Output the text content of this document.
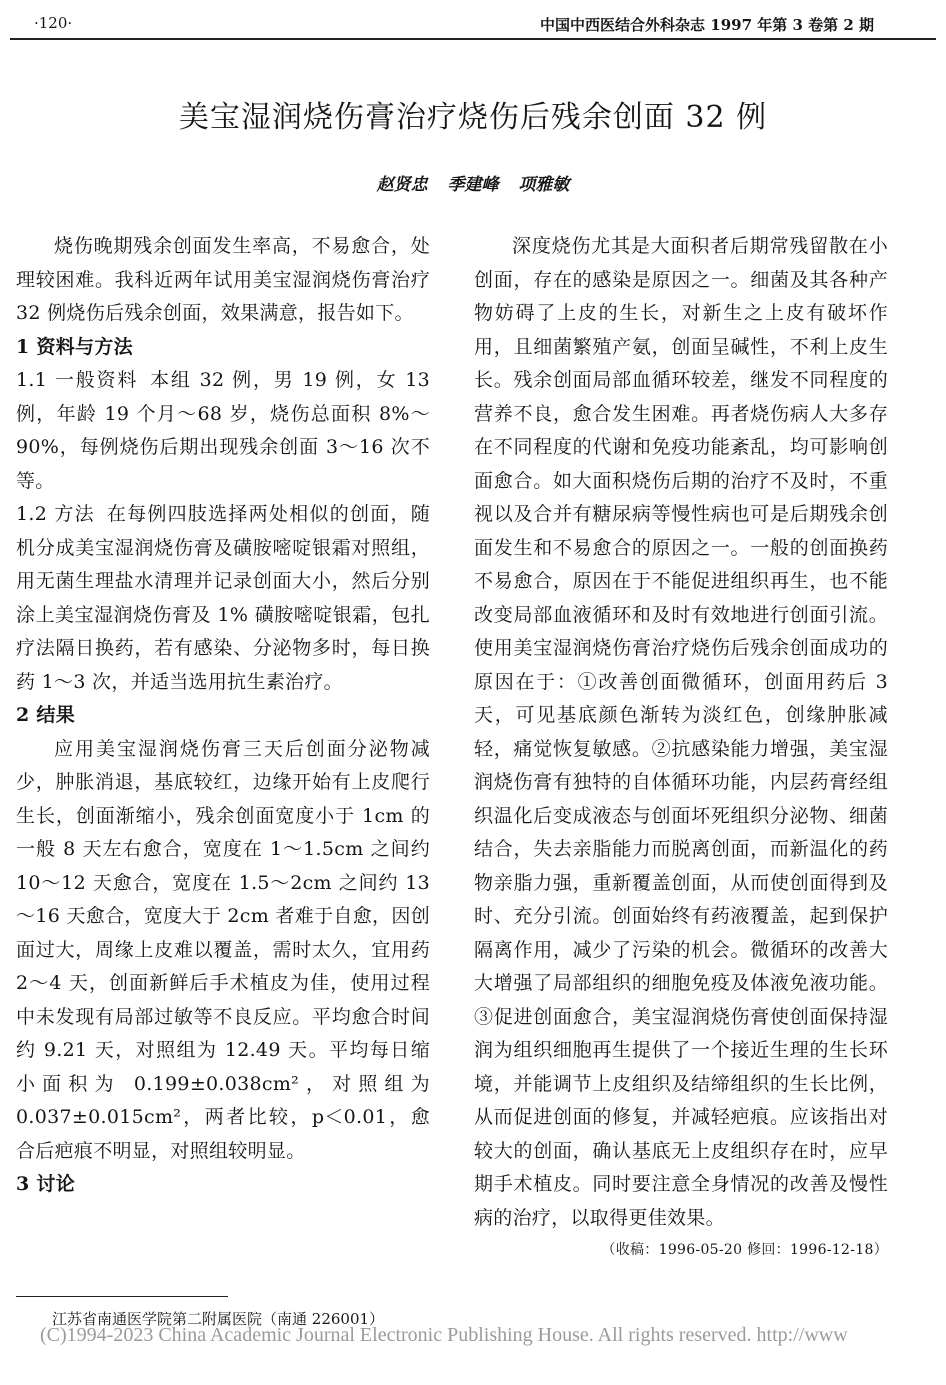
·120·	中国中西医结合外科杂志 1997 年第 3 卷第 2 期
美宝湿润烧伤膏治疗烧伤后残余创面 32 例
赵贤忠 季建峰 项雅敏

烧伤晚期残余创面发生率高，不易愈合，处理较困难。我科近两年试用美宝湿润烧伤膏治疗 32 例烧伤后残余创面，效果满意，报告如下。

1 资料与方法

1.1 一般资料 本组 32 例，男 19 例，女 13 例，年龄 19 个月～68 岁，烧伤总面积 8%～90%，每例烧伤后期出现残余创面 3～16 次不等。

1.2 方法 在每例四肢选择两处相似的创面，随机分成美宝湿润烧伤膏及磺胺嘧啶银霜对照组，用无菌生理盐水清理并记录创面大小，然后分别涂上美宝湿润烧伤膏及 1% 磺胺嘧啶银霜，包扎疗法隔日换药，若有感染、分泌物多时，每日换药 1～3 次，并适当选用抗生素治疗。

2 结果

应用美宝湿润烧伤膏三天后创面分泌物减少，肿胀消退，基底较红，边缘开始有上皮爬行生长，创面渐缩小，残余创面宽度小于 1cm 的一般 8 天左右愈合，宽度在 1～1.5cm 之间约 10～12 天愈合，宽度在 1.5～2cm 之间约 13～16 天愈合，宽度大于 2cm 者难于自愈，因创面过大，周缘上皮难以覆盖，需时太久，宜用药 2～4 天，创面新鲜后手术植皮为佳，使用过程中未发现有局部过敏等不良反应。平均愈合时间约 9.21 天，对照组为 12.49 天。平均每日缩小面积为 0.199±0.038cm²，对照组为 0.037±0.015cm²，两者比较，p＜0.01，愈合后疤痕不明显，对照组较明显。

3 讨论

深度烧伤尤其是大面积者后期常残留散在小创面，存在的感染是原因之一。细菌及其各种产物妨碍了上皮的生长，对新生之上皮有破坏作用，且细菌繁殖产氨，创面呈碱性，不利上皮生长。残余创面局部血循环较差，继发不同程度的营养不良，愈合发生困难。再者烧伤病人大多存在不同程度的代谢和免疫功能紊乱，均可影响创面愈合。如大面积烧伤后期的治疗不及时，不重视以及合并有糖尿病等慢性病也可是后期残余创面发生和不易愈合的原因之一。一般的创面换药不易愈合，原因在于不能促进组织再生，也不能改变局部血液循环和及时有效地进行创面引流。使用美宝湿润烧伤膏治疗烧伤后残余创面成功的原因在于：①改善创面微循环，创面用药后 3 天，可见基底颜色渐转为淡红色，创缘肿胀减轻，痛觉恢复敏感。②抗感染能力增强，美宝湿润烧伤膏有独特的自体循环功能，内层药膏经组织温化后变成液态与创面坏死组织分泌物、细菌结合，失去亲脂能力而脱离创面，而新温化的药物亲脂力强，重新覆盖创面，从而使创面得到及时、充分引流。创面始终有药液覆盖，起到保护隔离作用，减少了污染的机会。微循环的改善大大增强了局部组织的细胞免疫及体液免液功能。③促进创面愈合，美宝湿润烧伤膏使创面保持湿润为组织细胞再生提供了一个接近生理的生长环境，并能调节上皮组织及结缔组织的生长比例，从而促进创面的修复，并减轻疤痕。应该指出对较大的创面，确认基底无上皮组织存在时，应早期手术植皮。同时要注意全身情况的改善及慢性病的治疗，以取得更佳效果。

（收稿：1996-05-20 修回：1996-12-18）

江苏省南通医学院第二附属医院（南通 226001）
(C)1994-2023 China Academic Journal Electronic Publishing House. All rights reserved. http://www
